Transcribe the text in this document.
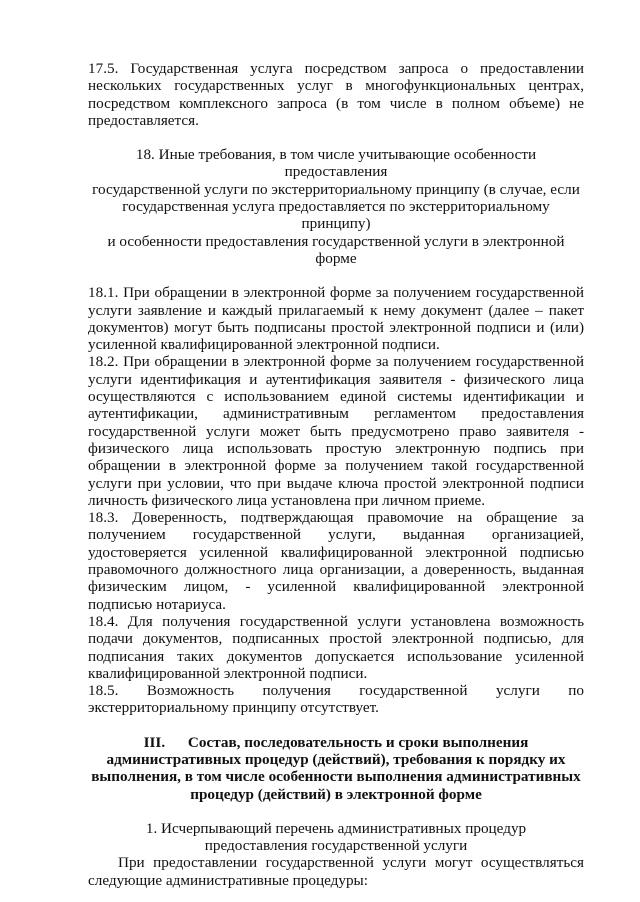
17.5. Государственная услуга посредством запроса о предоставлении нескольких государственных услуг в многофункциональных центрах, посредством комплексного запроса (в том числе в полном объеме) не предоставляется.

18. Иные требования, в том числе учитывающие особенности предоставления

государственной услуги по экстерриториальному принципу (в случае, если

государственная услуга предоставляется по экстерриториальному принципу)

и особенности предоставления государственной услуги в электронной форме

18.1. При обращении в электронной форме за получением государственной услуги заявление и каждый прилагаемый к нему документ (далее – пакет документов) могут быть подписаны простой электронной подписи и (или) усиленной квалифицированной электронной подписи.

18.2. При обращении в электронной форме за получением государственной услуги идентификация и аутентификация заявителя - физического лица осуществляются с использованием единой системы идентификации и аутентификации, административным регламентом предоставления государственной услуги может быть предусмотрено право заявителя - физического лица использовать простую электронную подпись при обращении в электронной форме за получением такой государственной услуги при условии, что при выдаче ключа простой электронной подписи личность физического лица установлена при личном приеме.

18.3. Доверенность, подтверждающая правомочие на обращение за получением государственной услуги, выданная организацией, удостоверяется усиленной квалифицированной электронной подписью правомочного должностного лица организации, а доверенность, выданная физическим лицом, - усиленной квалифицированной электронной подписью нотариуса.

18.4. Для получения государственной услуги установлена возможность подачи документов, подписанных простой электронной подписью, для подписания таких документов допускается использование усиленной квалифицированной электронной подписи.

18.5. Возможность получения государственной услуги по экстерриториальному принципу отсутствует.

III.      Состав, последовательность и сроки выполнения

административных процедур (действий), требования к порядку их

выполнения, в том числе особенности выполнения административных

процедур (действий) в электронной форме

1. Исчерпывающий перечень административных процедур

предоставления государственной услуги

При предоставлении государственной услуги могут осуществляться следующие административные процедуры:
